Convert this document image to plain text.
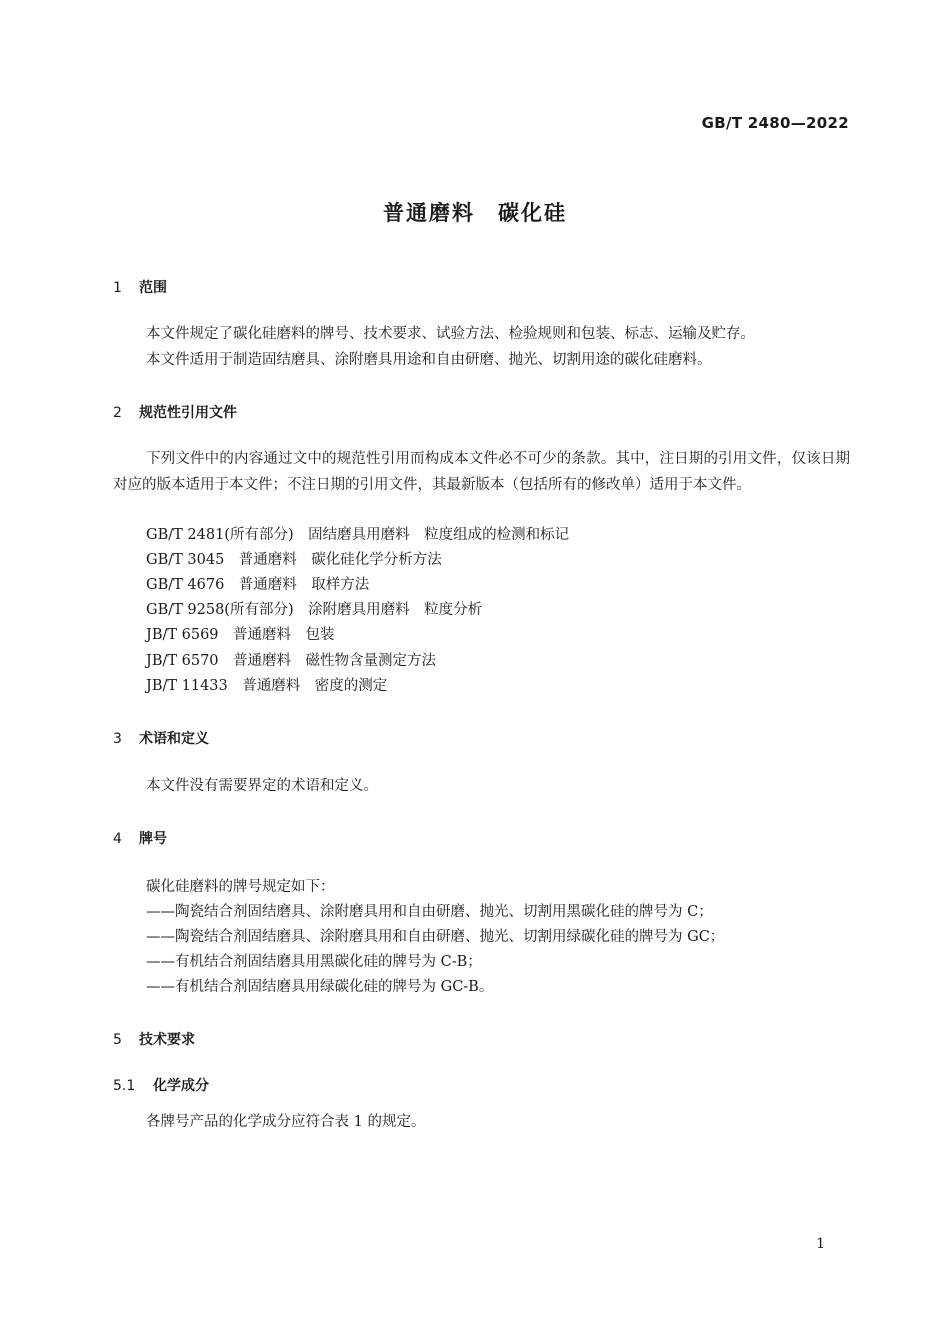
GB/T 2480—2022
普通磨料　碳化硅
1 范围
本文件规定了碳化硅磨料的牌号、技术要求、试验方法、检验规则和包装、标志、运输及贮存。
本文件适用于制造固结磨具、涂附磨具用途和自由研磨、抛光、切割用途的碳化硅磨料。
2 规范性引用文件
下列文件中的内容通过文中的规范性引用而构成本文件必不可少的条款。其中，注日期的引用文件，仅该日期对应的版本适用于本文件；不注日期的引用文件，其最新版本（包括所有的修改单）适用于本文件。
GB/T 2481(所有部分)　固结磨具用磨料　粒度组成的检测和标记
GB/T 3045　普通磨料　碳化硅化学分析方法
GB/T 4676　普通磨料　取样方法
GB/T 9258(所有部分)　涂附磨具用磨料　粒度分析
JB/T 6569　普通磨料　包装
JB/T 6570　普通磨料　磁性物含量测定方法
JB/T 11433　普通磨料　密度的测定
3 术语和定义
本文件没有需要界定的术语和定义。
4 牌号
碳化硅磨料的牌号规定如下：
——陶瓷结合剂固结磨具、涂附磨具用和自由研磨、抛光、切割用黑碳化硅的牌号为 C；
——陶瓷结合剂固结磨具、涂附磨具用和自由研磨、抛光、切割用绿碳化硅的牌号为 GC；
——有机结合剂固结磨具用黑碳化硅的牌号为 C-B；
——有机结合剂固结磨具用绿碳化硅的牌号为 GC-B。
5 技术要求
5.1 化学成分
各牌号产品的化学成分应符合表 1 的规定。
1
